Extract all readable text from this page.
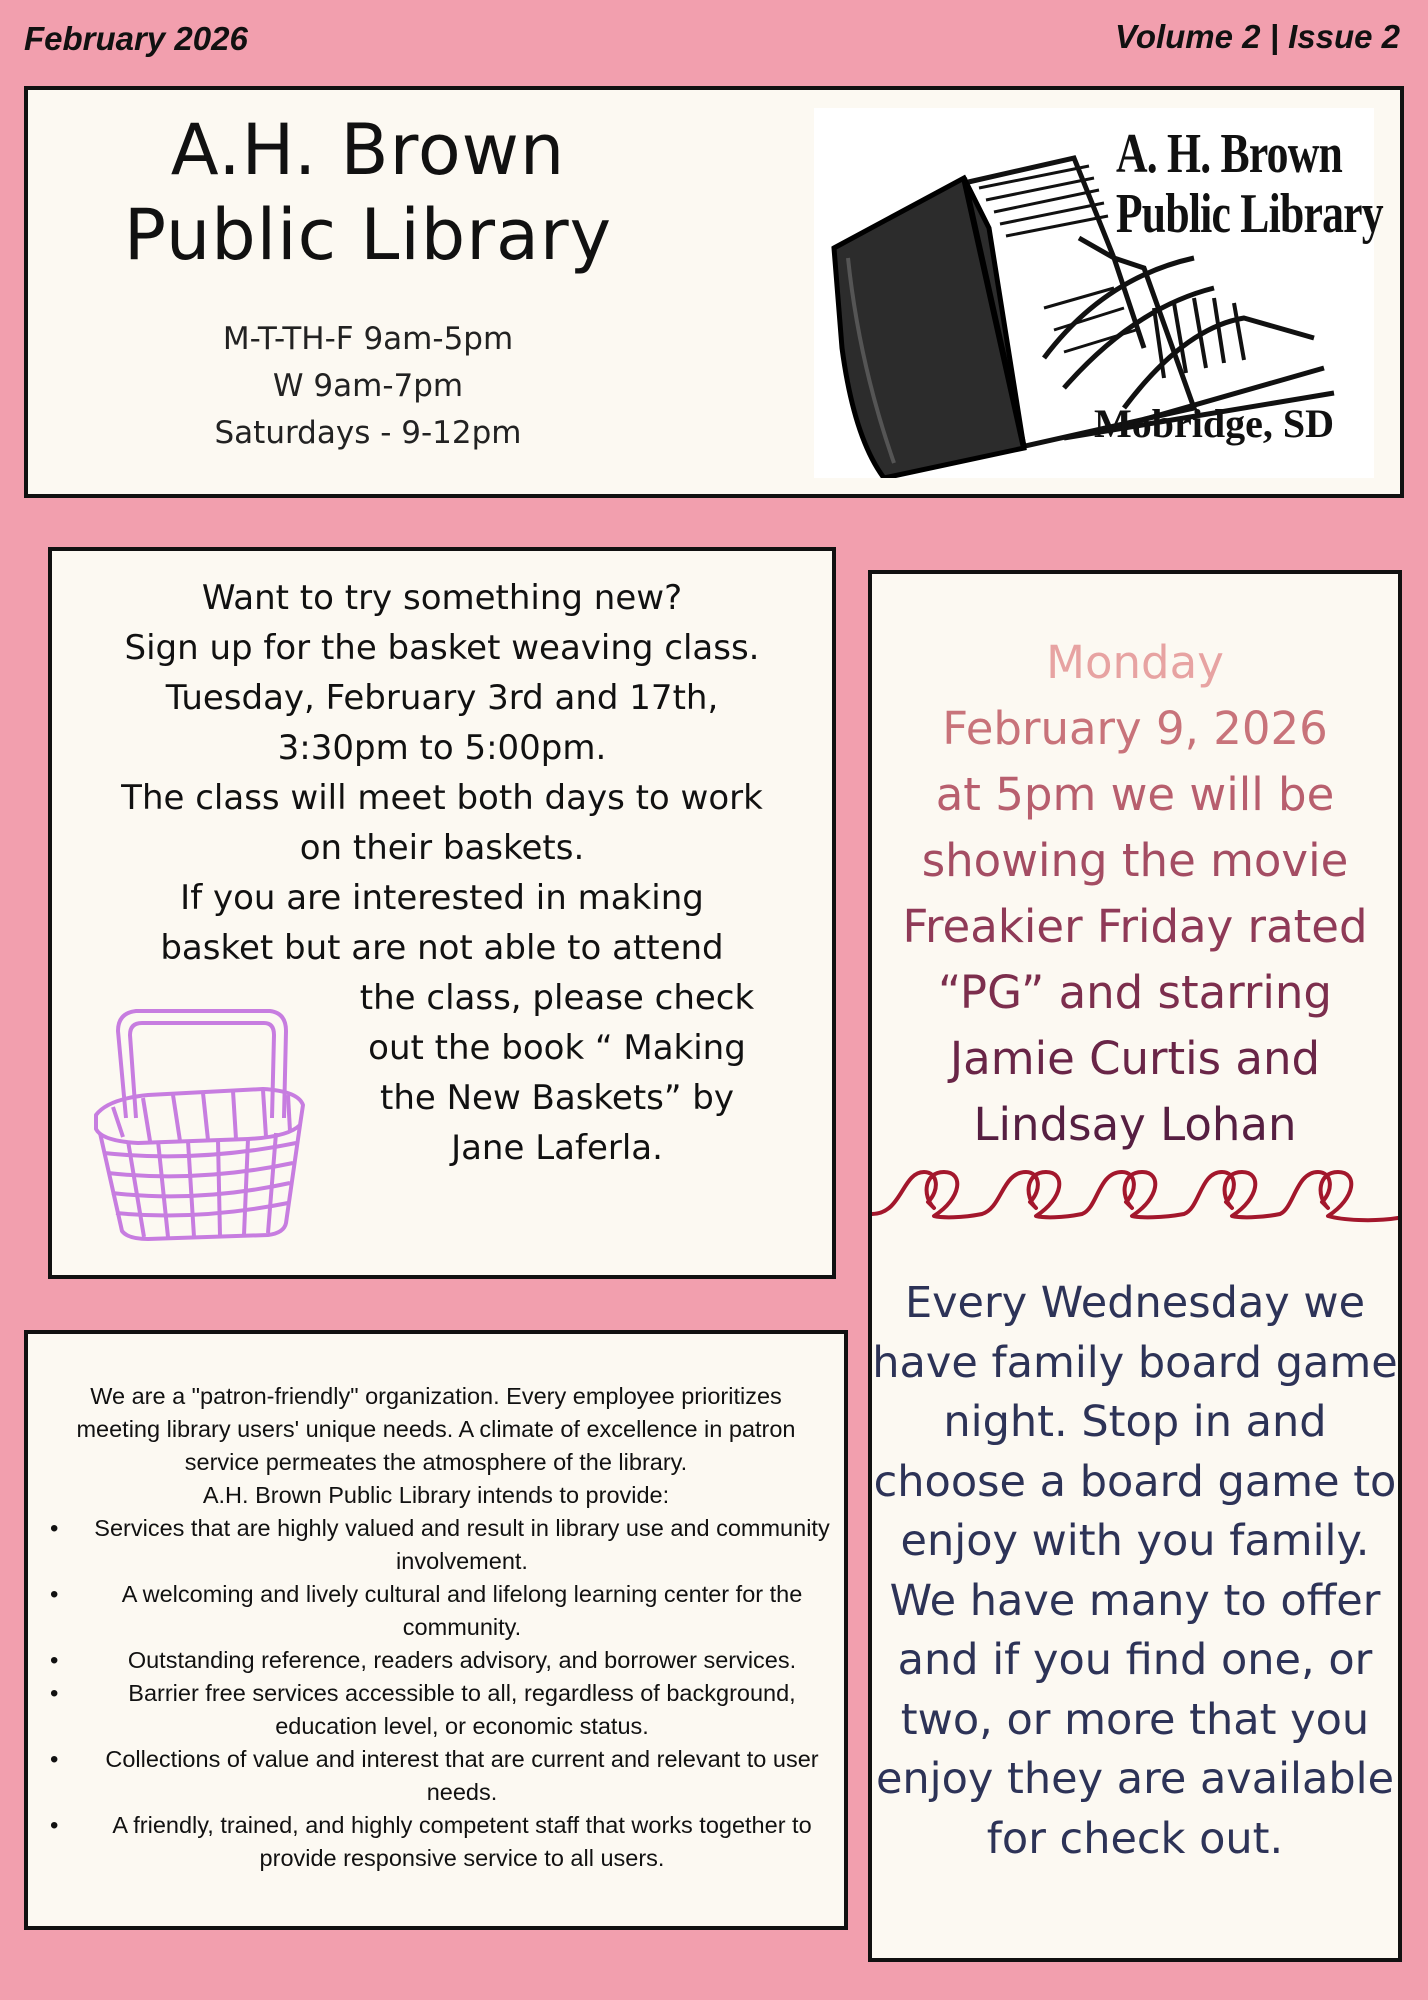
February 2026	Volume 2 | Issue 2
A.H. Brown
Public Library
M-T-TH-F 9am-5pm
W 9am-7pm
Saturdays - 9-12pm
A. H. Brown
Public Library
Mobridge, SD
Want to try something new?
Sign up for the basket weaving class.
Tuesday, February 3rd and 17th,
3:30pm to 5:00pm.
The class will meet both days to work
on their baskets.
If you are interested in making
basket but are not able to attend
the class, please check
out the book “ Making
the New Baskets” by
Jane Laferla.
Monday
February 9, 2026
at 5pm we will be
showing the movie
Freakier Friday rated
“PG” and starring
Jamie Curtis and
Lindsay Lohan
Every Wednesday we
have family board game
night. Stop in and
choose a board game to
enjoy with you family.
We have many to offer
and if you find one, or
two, or more that you
enjoy they are available
for check out.
We are a "patron-friendly" organization. Every employee prioritizes
meeting library users' unique needs. A climate of excellence in patron
service permeates the atmosphere of the library.
A.H. Brown Public Library intends to provide:
• Services that are highly valued and result in library use and community involvement.
• A welcoming and lively cultural and lifelong learning center for the community.
• Outstanding reference, readers advisory, and borrower services.
• Barrier free services accessible to all, regardless of background, education level, or economic status.
• Collections of value and interest that are current and relevant to user needs.
• A friendly, trained, and highly competent staff that works together to provide responsive service to all users.
